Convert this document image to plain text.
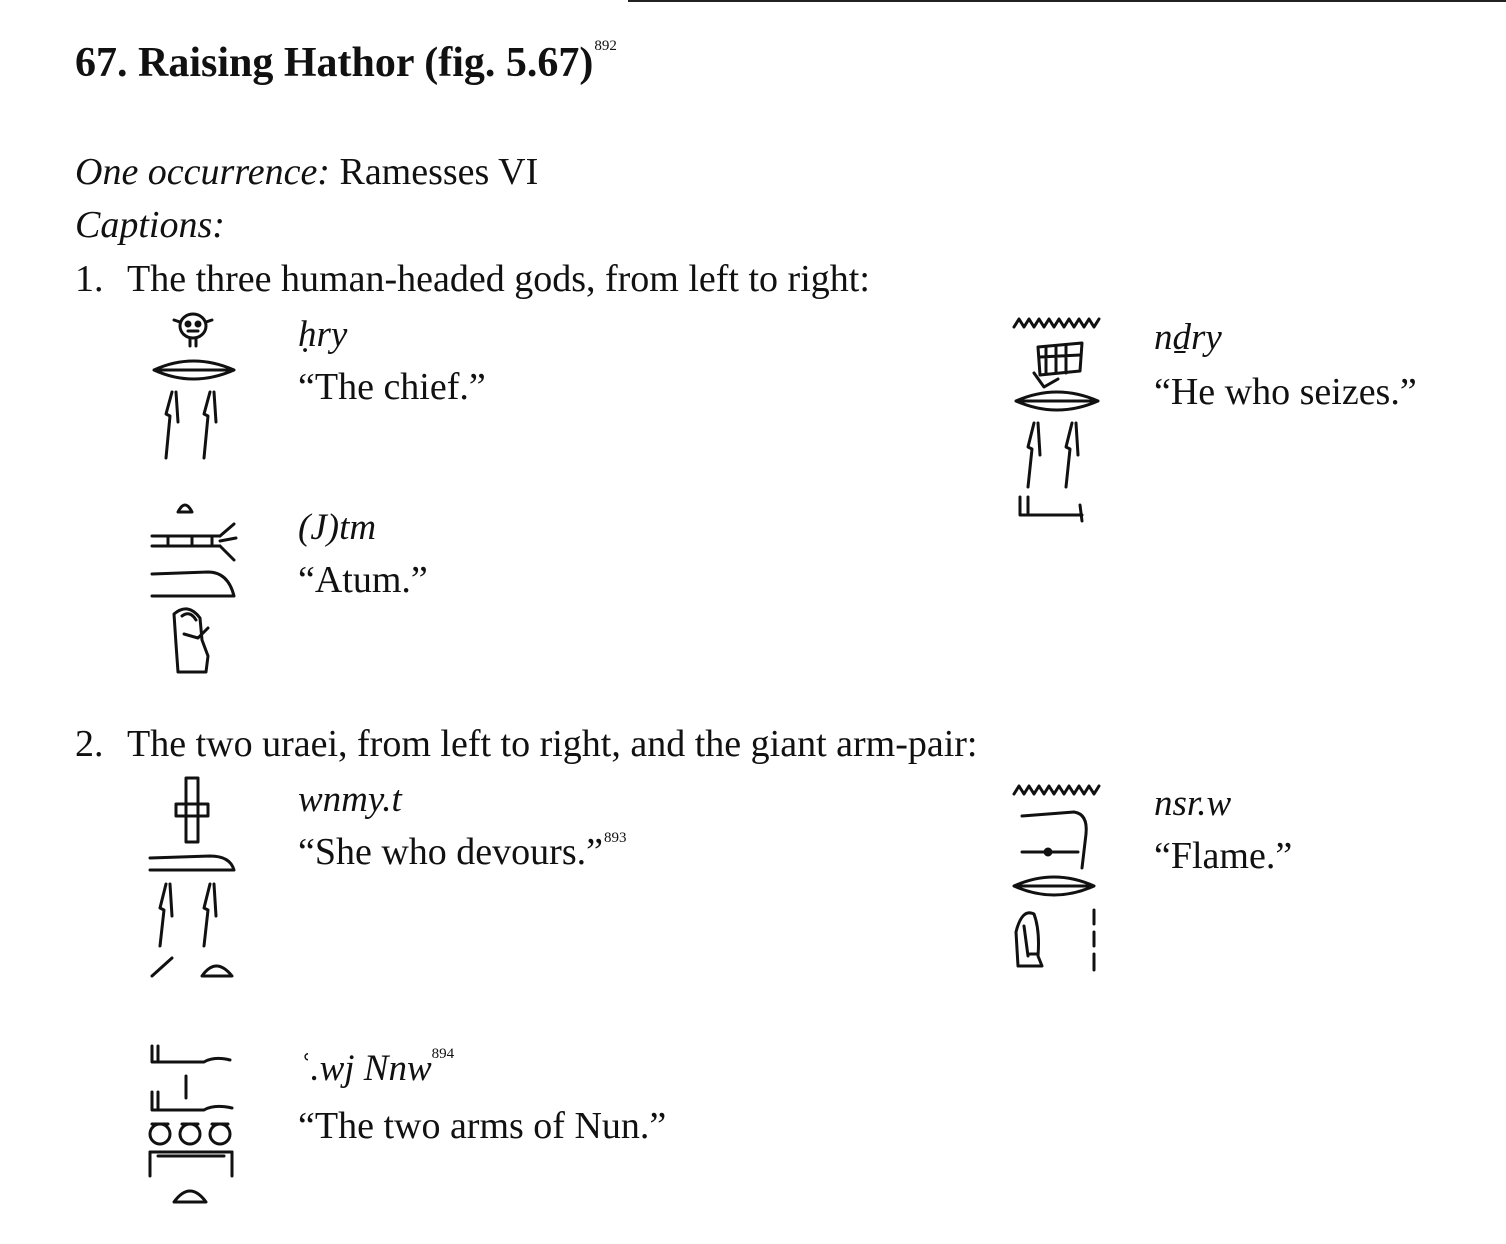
67. Raising Hathor (fig. 5.67)$^{892}$
One occurrence: Ramesses VI
Captions:
1. The three human-headed gods, from left to right:
ḥry
“The chief.”
nḏry
“He who seizes.”
(J)tm
“Atum.”
2. The two uraei, from left to right, and the giant arm-pair:
wnmy.t
“She who devours.”$^{893}$
nsr.w
“Flame.”
ʿ.wj Nnw$^{894}$
“The two arms of Nun.”
